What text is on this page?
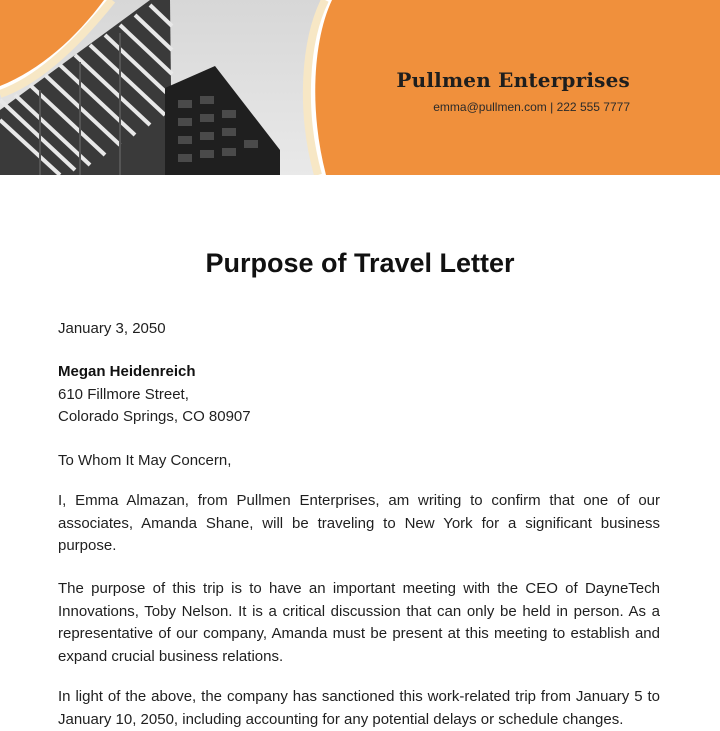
Pullmen Enterprises
emma@pullmen.com | 222 555 7777
Purpose of Travel Letter
January 3, 2050
Megan Heidenreich
610 Fillmore Street,
Colorado Springs, CO 80907
To Whom It May Concern,
I, Emma Almazan, from Pullmen Enterprises, am writing to confirm that one of our associates, Amanda Shane, will be traveling to New York for a significant business purpose.
The purpose of this trip is to have an important meeting with the CEO of DayneTech Innovations, Toby Nelson. It is a critical discussion that can only be held in person. As a representative of our company, Amanda must be present at this meeting to establish and expand crucial business relations.
In light of the above, the company has sanctioned this work-related trip from January 5 to January 10, 2050, including accounting for any potential delays or schedule changes.
